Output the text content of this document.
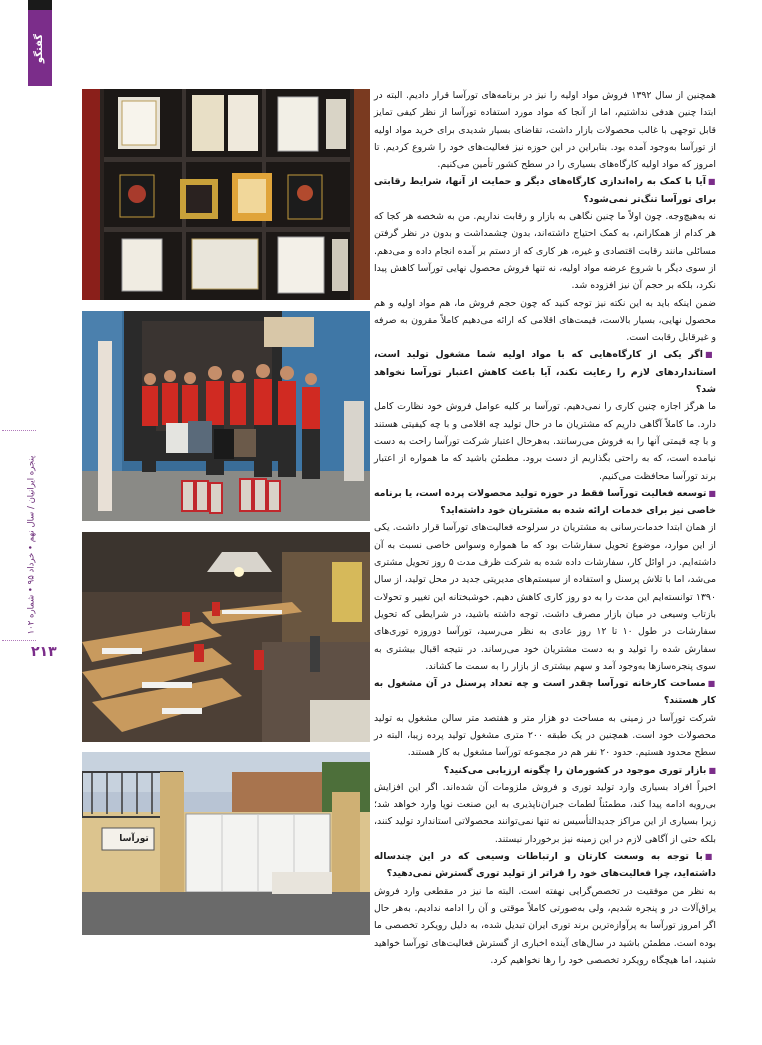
گفتگو
پنجره ایرانیان / سال نهم • خرداد ۹۵ • شماره ۱۰۲
۲۱۳
تورآسا

همچنین از سال ۱۳۹۲ فروش مواد اولیه را نیز در برنامه‌های تورآسا قرار دادیم. البته در ابتدا چنین هدفی نداشتیم، اما از آنجا که مواد مورد استفاده تورآسا از نظر کیفی تمایز قابل توجهی با غالب محصولات بازار داشت، تقاضای بسیار شدیدی برای خرید مواد اولیه از تورآسا به‌وجود آمده بود. بنابراین در این حوزه نیز فعالیت‌های خود را شروع کردیم. تا امروز که مواد اولیه کارگاه‌های بسیاری را در سطح کشور تأمین می‌کنیم.

■ آیا با کمک به راه‌اندازی کارگاه‌های دیگر و حمایت از آنها، شرایط رقابتی برای تورآسا تنگ‌تر نمی‌شود؟

نه به‌هیچ‌وجه. چون اولاً ما چنین نگاهی به بازار و رقابت نداریم. من به شخصه هر کجا که هر کدام از همکارانم، به کمک احتیاج داشته‌اند، بدون چشمداشت و بدون در نظر گرفتن مسائلی مانند رقابت اقتصادی و غیره، هر کاری که از دستم بر آمده انجام داده و می‌دهم. از سوی دیگر با شروع عرضه مواد اولیه، نه تنها فروش محصول نهایی تورآسا کاهش پیدا نکرد، بلکه بر حجم آن نیز افزوده شد.

ضمن اینکه باید به این نکته نیز توجه کنید که چون حجم فروش ما، هم مواد اولیه و هم محصول نهایی، بسیار بالاست، قیمت‌های اقلامی که ارائه می‌دهیم کاملاً مقرون به صرفه و غیرقابل رقابت است.

■ اگر یکی از کارگاه‌هایی که با مواد اولیه شما مشغول تولید است، استانداردهای لازم را رعایت نکند، آیا باعث کاهش اعتبار تورآسا نخواهد شد؟

ما هرگز اجازه چنین کاری را نمی‌دهیم. تورآسا بر کلیه عوامل فروش خود نظارت کامل دارد. ما کاملاً آگاهی داریم که مشتریان ما در حال تولید چه اقلامی و با چه کیفیتی هستند و با چه قیمتی آنها را به فروش می‌رسانند. به‌هرحال اعتبار شرکت تورآسا راحت به دست نیامده است، که به راحتی بگذاریم از دست برود. مطمئن باشید که ما همواره از اعتبار برند تورآسا محافظت می‌کنیم.

■ توسعه فعالیت تورآسا فقط در حوزه تولید محصولات پرده است، یا برنامه خاصی نیز برای خدمات ارائه شده به مشتریان خود داشته‌اید؟

از همان ابتدا خدمات‌رسانی به مشتریان در سرلوحه فعالیت‌های تورآسا قرار داشت. یکی از این موارد، موضوع تحویل سفارشات بود که ما همواره وسواس خاصی نسبت به آن داشته‌ایم. در اوائل کار، سفارشات داده شده به شرکت ظرف مدت ۵ روز تحویل مشتری می‌شد، اما با تلاش پرسنل و استفاده از سیستم‌های مدیریتی جدید در محل تولید، از سال ۱۳۹۰ توانسته‌ایم این مدت را به دو روز کاری کاهش دهیم. خوشبختانه این تغییر و تحولات بازتاب وسیعی در میان بازار مصرف داشت. توجه داشته باشید، در شرایطی که تحویل سفارشات در طول ۱۰ تا ۱۲ روز عادی به نظر می‌رسید، تورآسا دوروزه توری‌های سفارش شده را تولید و به دست مشتریان خود می‌رساند. در نتیجه اقبال بیشتری به سوی پنجره‌سازها به‌وجود آمد و سهم بیشتری از بازار را به سمت ما کشاند.

■ مساحت کارخانه تورآسا چقدر است و چه تعداد پرسنل در آن مشغول به کار هستند؟

شرکت تورآسا در زمینی به مساحت دو هزار متر و هفتصد متر سالن مشغول به تولید محصولات خود است. همچنین در یک طبقه ۲۰۰ متری مشغول تولید پرده زیبا، البته در سطح محدود هستیم. حدود ۲۰ نفر هم در مجموعه تورآسا مشغول به کار هستند.

■ بازار توری موجود در کشورمان را چگونه ارزیابی می‌کنید؟

اخیراً افراد بسیاری وارد تولید توری و فروش ملزومات آن شده‌اند. اگر این افزایش بی‌رویه ادامه پیدا کند، مطمئناً لطمات جبران‌ناپذیری به این صنعت نوپا وارد خواهد شد؛ زیرا بسیاری از این مراکز جدیدالتأسیس نه تنها نمی‌توانند محصولاتی استاندارد تولید کنند، بلکه حتی از آگاهی لازم در این زمینه نیز برخوردار نیستند.

■ با توجه به وسعت کارتان و ارتباطات وسیعی که در این چندساله داشته‌اید، چرا فعالیت‌های خود را فراتر از تولید توری گسترش نمی‌دهید؟

به نظر من موفقیت در تخصص‌گرایی نهفته است. البته ما نیز در مقطعی وارد فروش یراق‌آلات در و پنجره شدیم، ولی به‌صورتی کاملاً موقتی و آن را ادامه ندادیم. به‌هر حال اگر امروز تورآسا به پرآوازه‌ترین برند توری ایران تبدیل شده، به دلیل رویکرد تخصصی ما بوده است. مطمئن باشید در سال‌های آینده اخباری از گسترش فعالیت‌های تورآسا خواهید شنید، اما هیچگاه رویکرد تخصصی خود را رها نخواهیم کرد.
